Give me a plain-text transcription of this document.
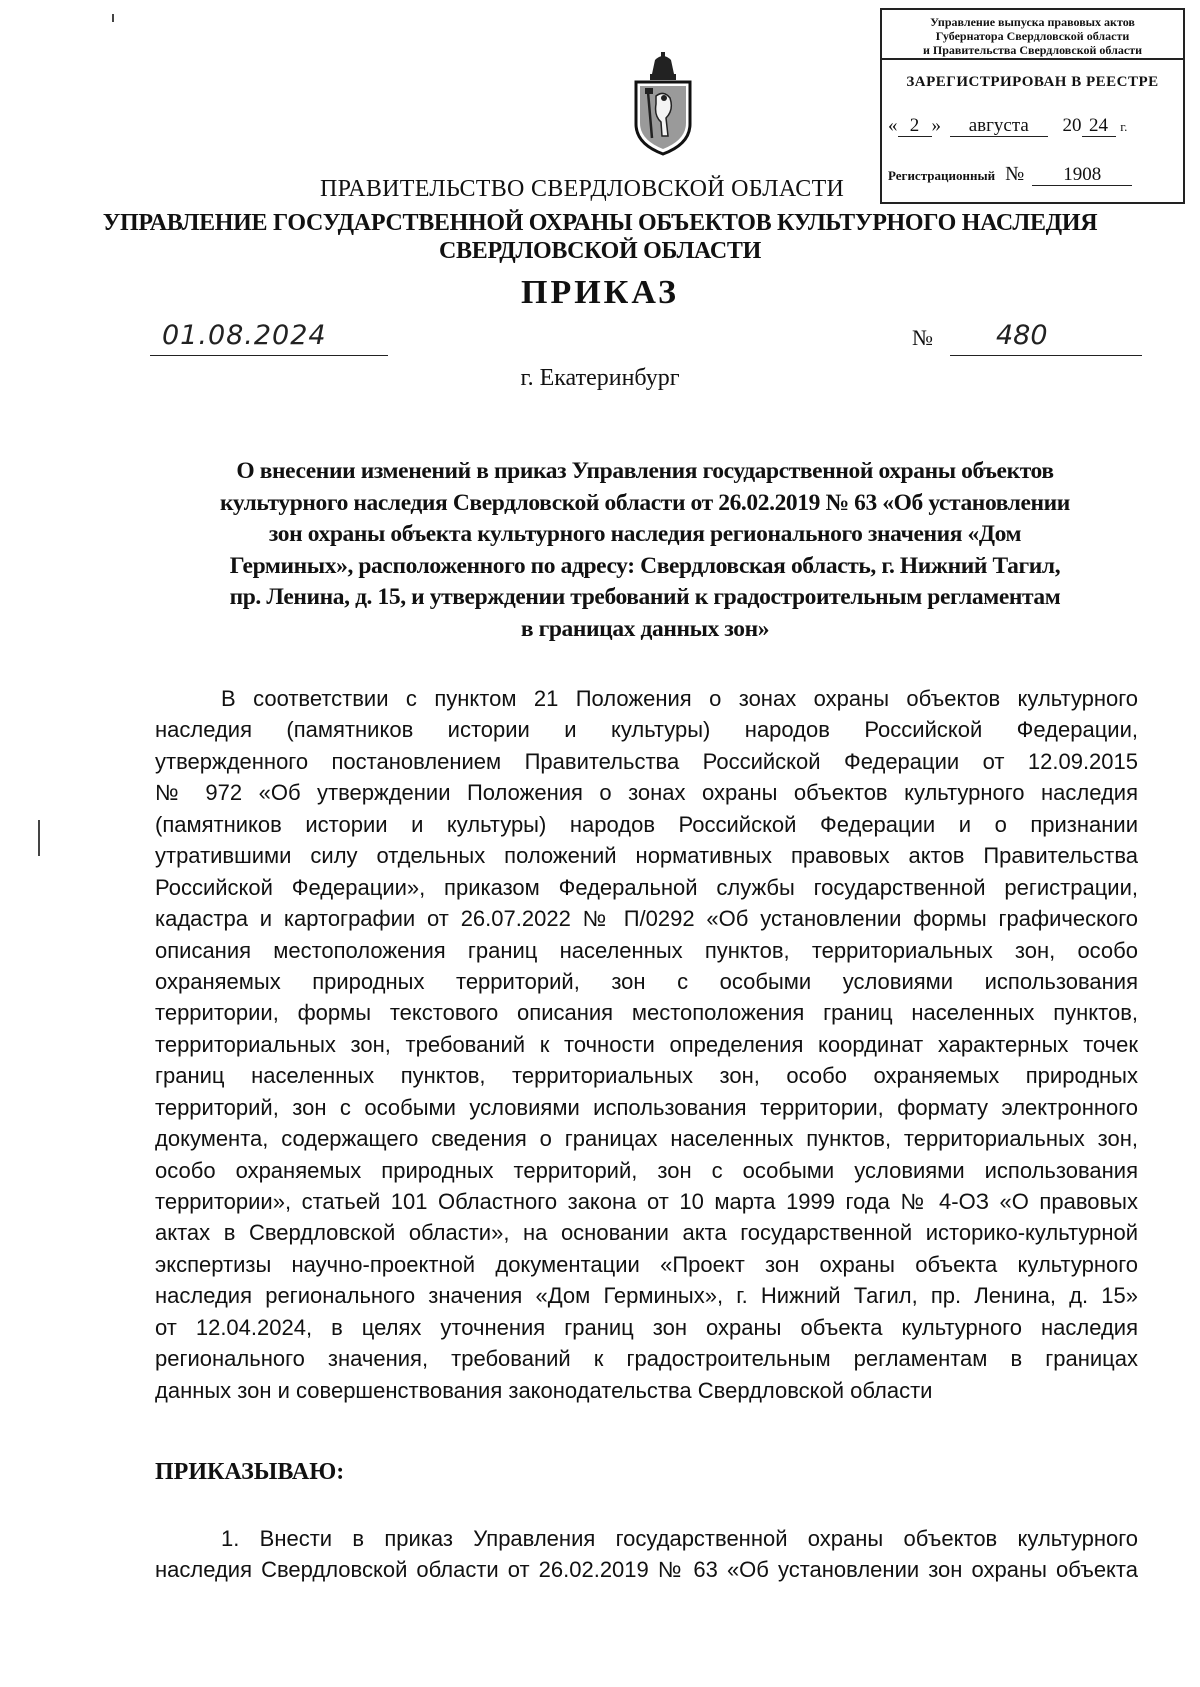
Управление выпуска правовых актов
Губернатора Свердловской области
и Правительства Свердловской области
ЗАРЕГИСТРИРОВАН В РЕЕСТРЕ
« 2 » августа 20 24 г.
Регистрационный № 1908
ПРАВИТЕЛЬСТВО СВЕРДЛОВСКОЙ ОБЛАСТИ
УПРАВЛЕНИЕ ГОСУДАРСТВЕННОЙ ОХРАНЫ ОБЪЕКТОВ КУЛЬТУРНОГО НАСЛЕДИЯ
СВЕРДЛОВСКОЙ ОБЛАСТИ
ПРИКАЗ
01.08.2024	№	480
г. Екатеринбург
О внесении изменений в приказ Управления государственной охраны объектов
культурного наследия Свердловской области от 26.02.2019 № 63 «Об установлении
зон охраны объекта культурного наследия регионального значения «Дом
Герминых», расположенного по адресу: Свердловская область, г. Нижний Тагил,
пр. Ленина, д. 15, и утверждении требований к градостроительным регламентам
в границах данных зон»
В соответствии с пунктом 21 Положения о зонах охраны объектов культурного
наследия (памятников истории и культуры) народов Российской Федерации,
утвержденного постановлением Правительства Российской Федерации от 12.09.2015
№ 972 «Об утверждении Положения о зонах охраны объектов культурного наследия
(памятников истории и культуры) народов Российской Федерации и о признании
утратившими силу отдельных положений нормативных правовых актов Правительства
Российской Федерации», приказом Федеральной службы государственной регистрации,
кадастра и картографии от 26.07.2022 № П/0292 «Об установлении формы графического
описания местоположения границ населенных пунктов, территориальных зон, особо
охраняемых природных территорий, зон с особыми условиями использования
территории, формы текстового описания местоположения границ населенных пунктов,
территориальных зон, требований к точности определения координат характерных точек
границ населенных пунктов, территориальных зон, особо охраняемых природных
территорий, зон с особыми условиями использования территории, формату электронного
документа, содержащего сведения о границах населенных пунктов, территориальных зон,
особо охраняемых природных территорий, зон с особыми условиями использования
территории», статьей 101 Областного закона от 10 марта 1999 года № 4-ОЗ «О правовых
актах в Свердловской области», на основании акта государственной историко-культурной
экспертизы научно-проектной документации «Проект зон охраны объекта культурного
наследия регионального значения «Дом Герминых», г. Нижний Тагил, пр. Ленина, д. 15»
от 12.04.2024, в целях уточнения границ зон охраны объекта культурного наследия
регионального значения, требований к градостроительным регламентам в границах
данных зон и совершенствования законодательства Свердловской области
ПРИКАЗЫВАЮ:
1. Внести в приказ Управления государственной охраны объектов культурного
наследия Свердловской области от 26.02.2019 № 63 «Об установлении зон охраны объекта
